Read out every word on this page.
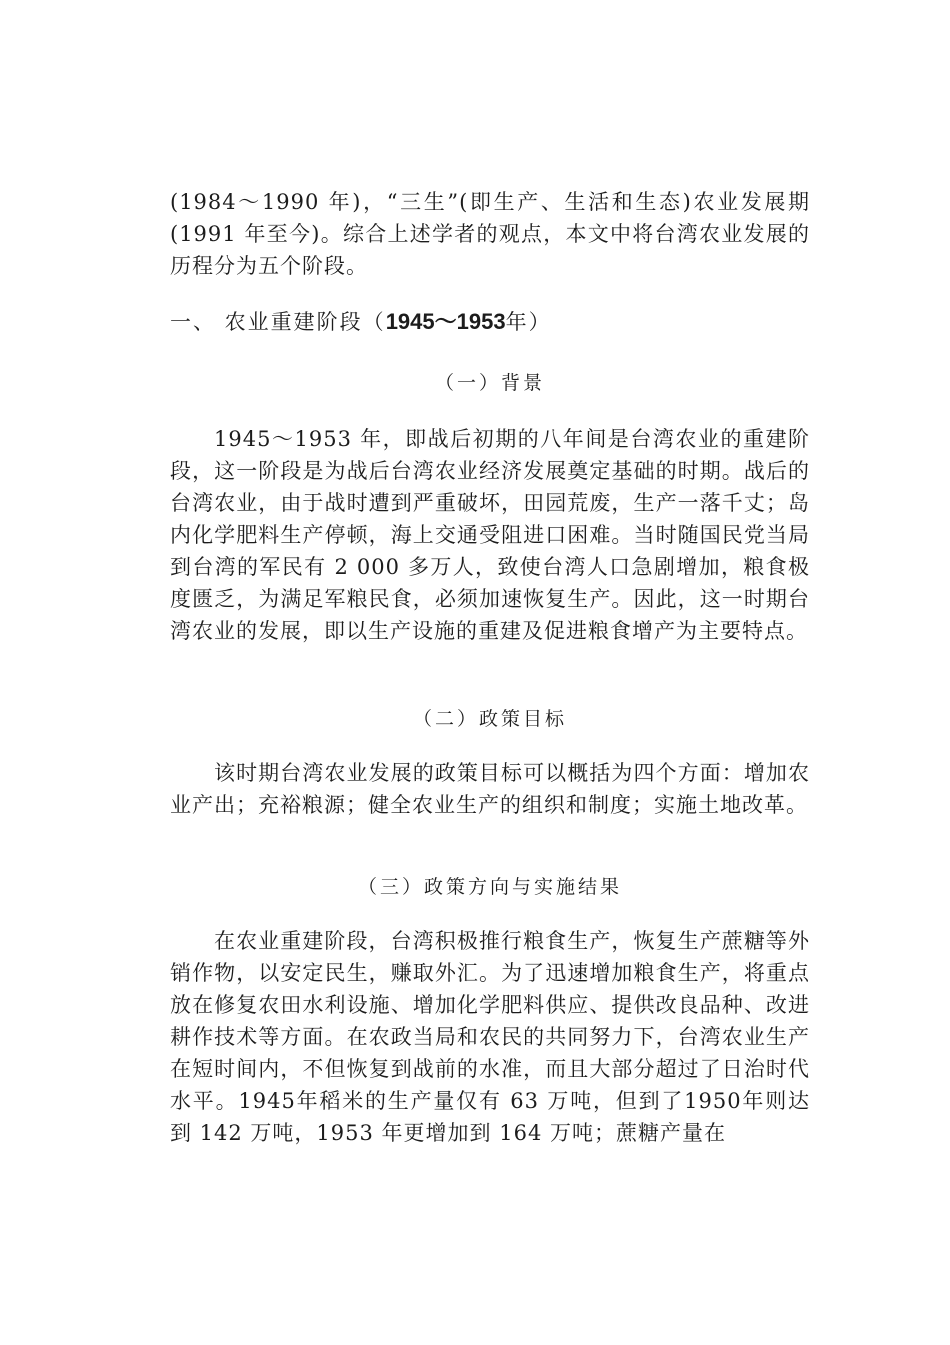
(1984～1990 年)，“三生”(即生产、生活和生态)农业发展期(1991 年至今)。综合上述学者的观点，本文中将台湾农业发展的历程分为五个阶段。

一、 农业重建阶段（1945～1953年）
（一）背景

1945～1953 年，即战后初期的八年间是台湾农业的重建阶段，这一阶段是为战后台湾农业经济发展奠定基础的时期。战后的台湾农业，由于战时遭到严重破坏，田园荒废，生产一落千丈；岛内化学肥料生产停顿，海上交通受阻进口困难。当时随国民党当局到台湾的军民有 2 000 多万人，致使台湾人口急剧增加，粮食极度匮乏，为满足军粮民食，必须加速恢复生产。因此，这一时期台湾农业的发展，即以生产设施的重建及促进粮食增产为主要特点。

（二）政策目标

该时期台湾农业发展的政策目标可以概括为四个方面：增加农业产出；充裕粮源；健全农业生产的组织和制度；实施土地改革。

（三）政策方向与实施结果

在农业重建阶段，台湾积极推行粮食生产，恢复生产蔗糖等外销作物，以安定民生，赚取外汇。为了迅速增加粮食生产，将重点放在修复农田水利设施、增加化学肥料供应、提供改良品种、改进耕作技术等方面。在农政当局和农民的共同努力下，台湾农业生产在短时间内，不但恢复到战前的水准，而且大部分超过了日治时代水平。1945年稻米的生产量仅有 63 万吨，但到了1950年则达到 142 万吨，1953 年更增加到 164 万吨；蔗糖产量在
